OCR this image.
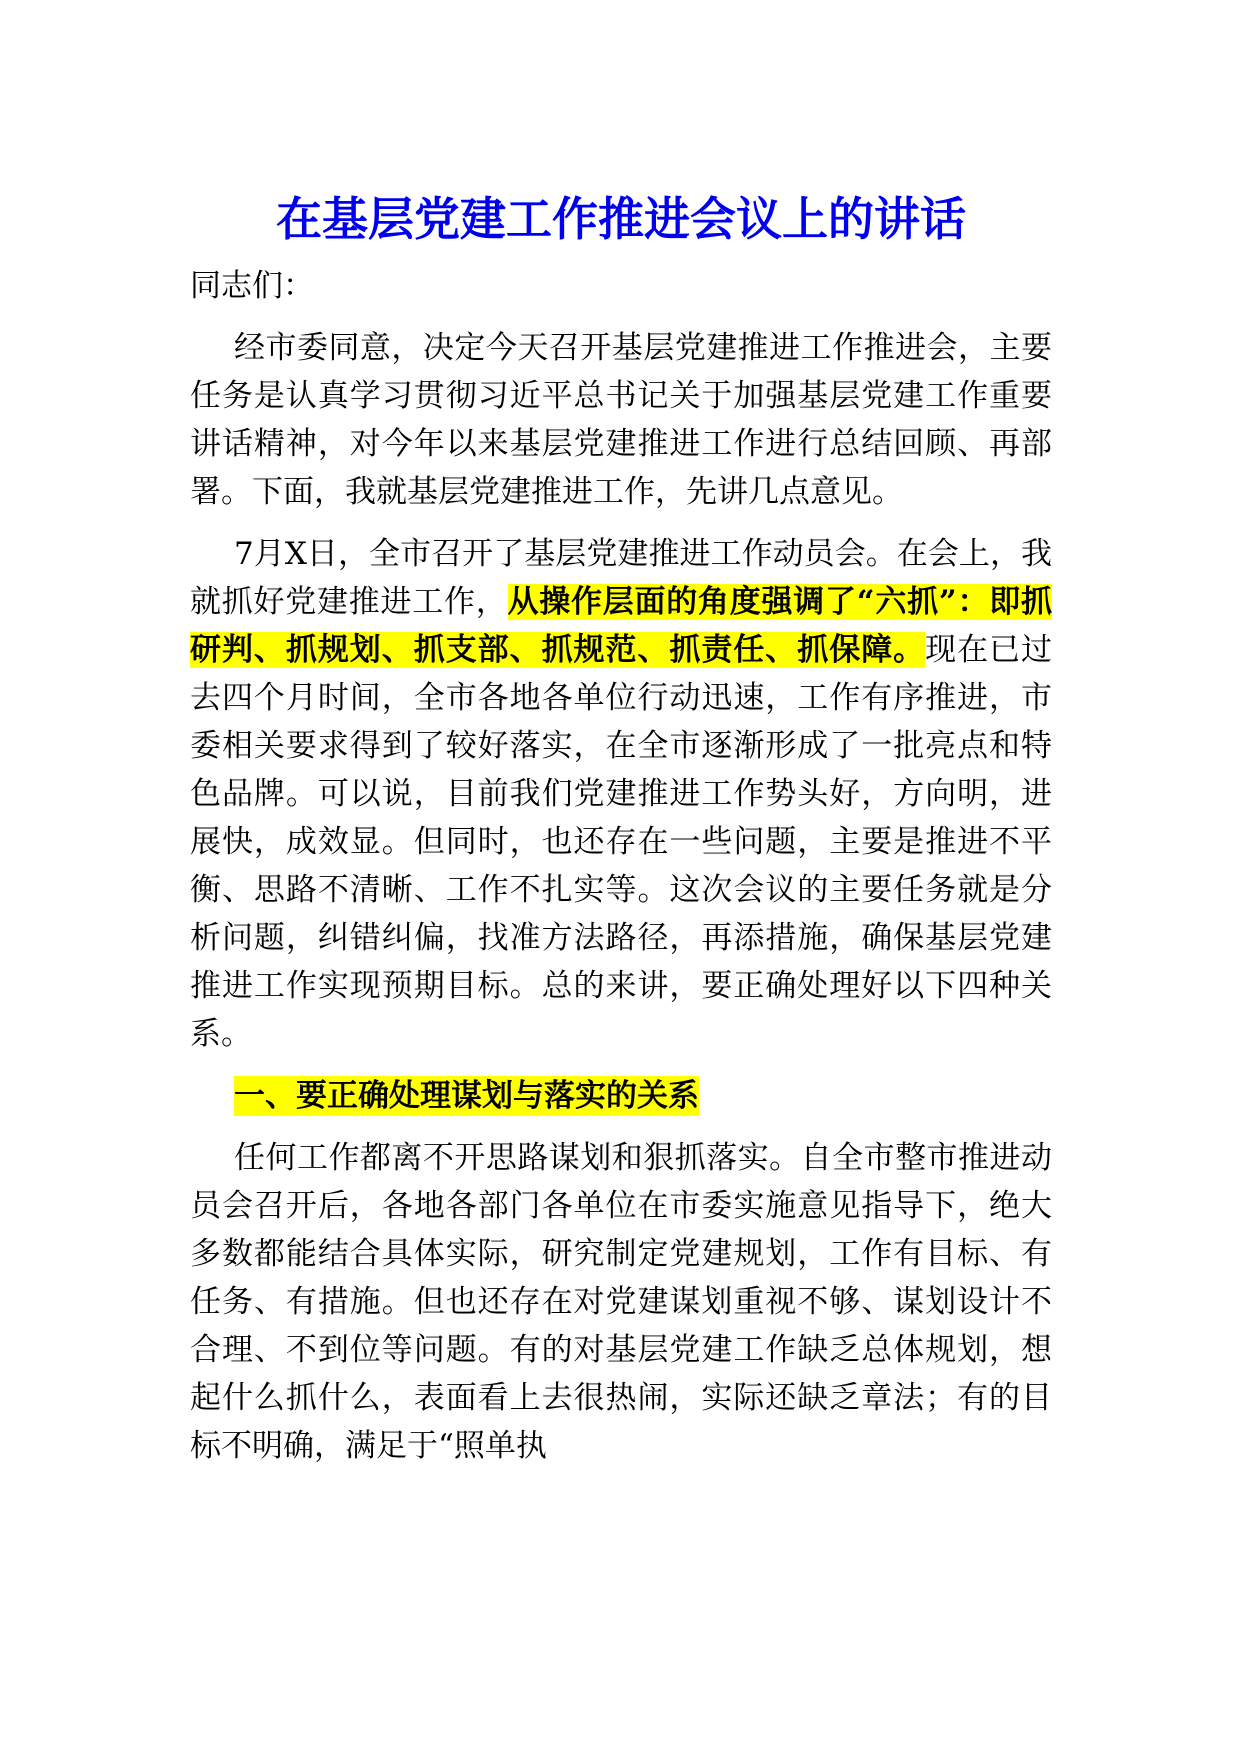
在基层党建工作推进会议上的讲话

同志们：

经市委同意，决定今天召开基层党建推进工作推进会，主要任务是认真学习贯彻习近平总书记关于加强基层党建工作重要讲话精神，对今年以来基层党建推进工作进行总结回顾、再部署。下面，我就基层党建推进工作，先讲几点意见。

7月X日，全市召开了基层党建推进工作动员会。在会上，我就抓好党建推进工作，从操作层面的角度强调了“六抓”：即抓研判、抓规划、抓支部、抓规范、抓责任、抓保障。现在已过去四个月时间，全市各地各单位行动迅速，工作有序推进，市委相关要求得到了较好落实，在全市逐渐形成了一批亮点和特色品牌。可以说，目前我们党建推进工作势头好，方向明，进展快，成效显。但同时，也还存在一些问题，主要是推进不平衡、思路不清晰、工作不扎实等。这次会议的主要任务就是分析问题，纠错纠偏，找准方法路径，再添措施，确保基层党建推进工作实现预期目标。总的来讲，要正确处理好以下四种关系。

一、要正确处理谋划与落实的关系

任何工作都离不开思路谋划和狠抓落实。自全市整市推进动员会召开后，各地各部门各单位在市委实施意见指导下，绝大多数都能结合具体实际，研究制定党建规划，工作有目标、有任务、有措施。但也还存在对党建谋划重视不够、谋划设计不合理、不到位等问题。有的对基层党建工作缺乏总体规划，想起什么抓什么，表面看上去很热闹，实际还缺乏章法；有的目标不明确，满足于“照单执
